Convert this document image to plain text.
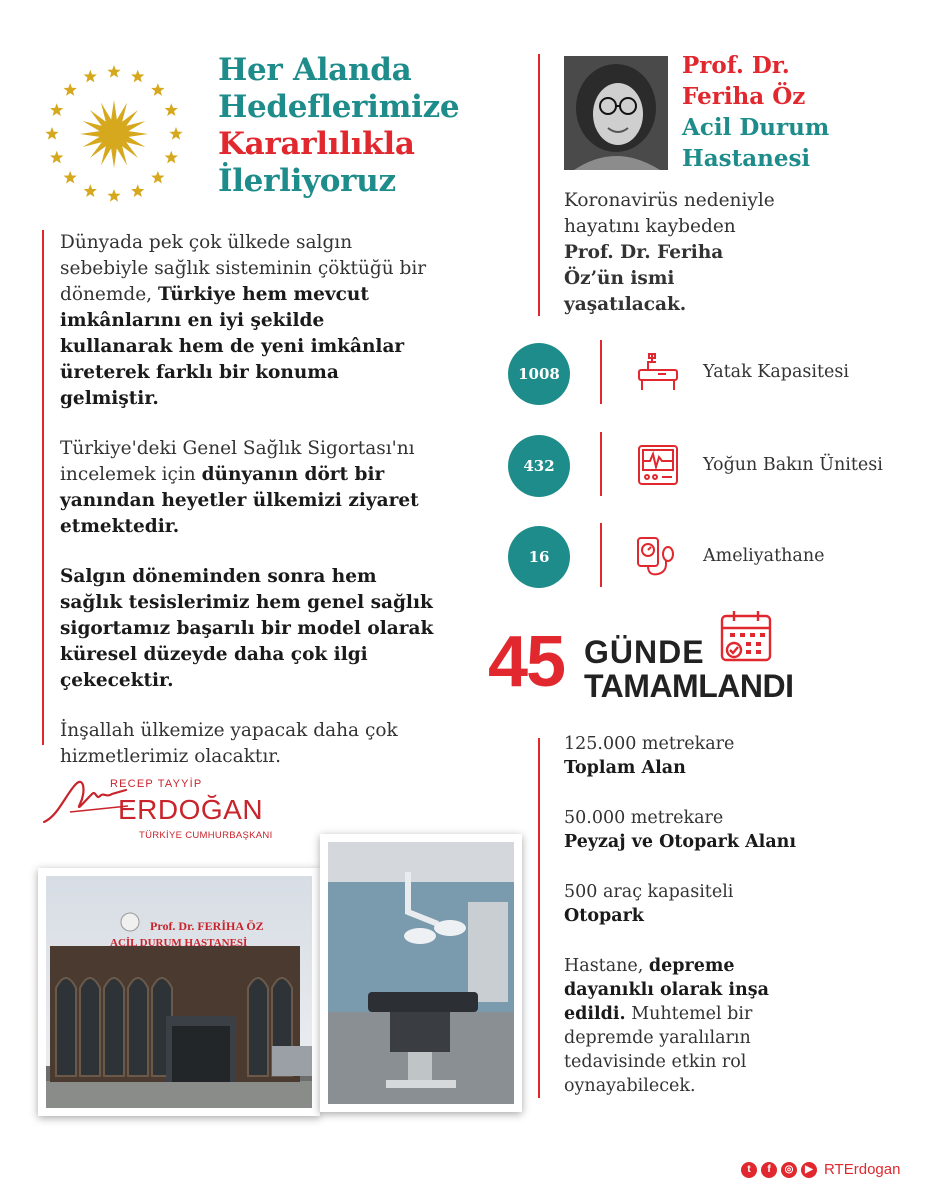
Her Alanda
Hedeflerimize
Kararlılıkla
İlerliyoruz

Dünyada pek çok ülkede salgın sebebiyle sağlık sisteminin çöktüğü bir dönemde, Türkiye hem mevcut imkânlarını en iyi şekilde kullanarak hem de yeni imkânlar üreterek farklı bir konuma gelmiştir.

Türkiye'deki Genel Sağlık Sigortası'nı incelemek için dünyanın dört bir yanından heyetler ülkemizi ziyaret etmektedir.

Salgın döneminden sonra hem sağlık tesislerimiz hem genel sağlık sigortamız başarılı bir model olarak küresel düzeyde daha çok ilgi çekecektir.

İnşallah ülkemize yapacak daha çok hizmetlerimiz olacaktır.

RECEP TAYYİP
ERDOĞAN
TÜRKİYE CUMHURBAŞKANI
Prof. Dr. FERİHA ÖZ
ACİL DURUM HASTANESİ
Prof. Dr.
Feriha Öz
Acil Durum
Hastanesi

Koronavirüs nedeniyle hayatını kaybeden Prof. Dr. Feriha Öz’ün ismi yaşatılacak.

1008	Yatak Kapasitesi
432	Yoğun Bakın Ünitesi
16	Ameliyathane
45 GÜNDE
TAMAMLANDI

125.000 metrekare
Toplam Alan

50.000 metrekare
Peyzaj ve Otopark Alanı

500 araç kapasiteli
Otopark

Hastane, depreme dayanıklı olarak inşa edildi. Muhtemel bir depremde yaralıların tedavisinde etkin rol oynayabilecek.

t	f	◎	▶ RTErdogan
